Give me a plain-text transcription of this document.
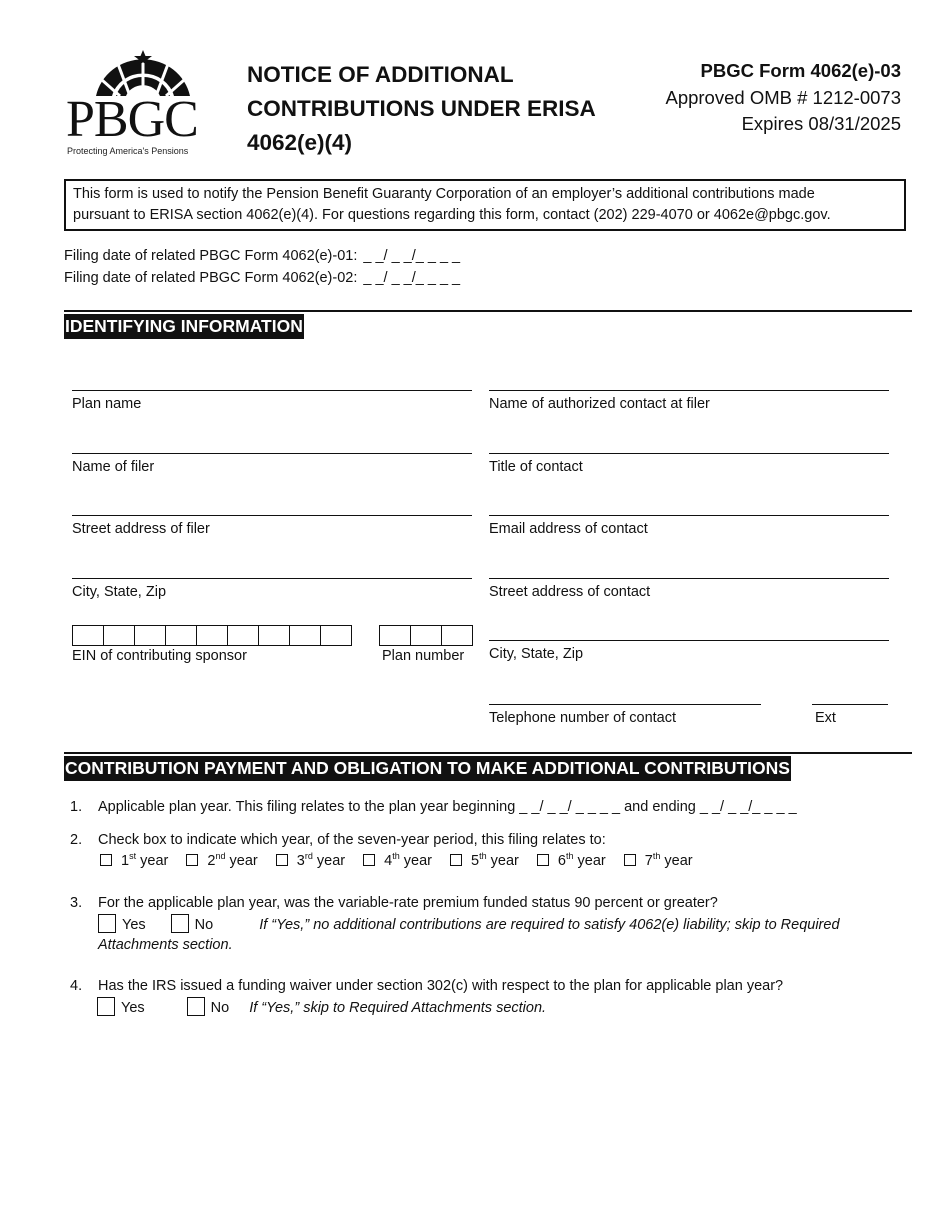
PBGC
Protecting America's Pensions
NOTICE OF ADDITIONAL
CONTRIBUTIONS UNDER ERISA
4062(e)(4)
PBGC Form 4062(e)-03
Approved OMB # 1212-0073
Expires 08/31/2025
This form is used to notify the Pension Benefit Guaranty Corporation of an employer’s additional contributions made
pursuant to ERISA section 4062(e)(4). For questions regarding this form, contact (202) 229-4070 or 4062e@pbgc.gov.
Filing date of related PBGC Form 4062(e)-01: _ _/ _ _/_ _ _ _
Filing date of related PBGC Form 4062(e)-02: _ _/ _ _/_ _ _ _
IDENTIFYING INFORMATION
Plan name
Name of filer
Street address of filer
City, State, Zip
EIN of contributing sponsor	Plan number
Name of authorized contact at filer
Title of contact
Email address of contact
Street address of contact
City, State, Zip
Telephone number of contact	Ext
CONTRIBUTION PAYMENT AND OBLIGATION TO MAKE ADDITIONAL CONTRIBUTIONS
1. Applicable plan year. This filing relates to the plan year beginning _ _/ _ _/ _ _ _ _ and ending _ _/ _ _/_ _ _ _
2. Check box to indicate which year, of the seven-year period, this filing relates to:
1st year	2nd year	3rd year	4th year	5th year	6th year	7th year
3. For the applicable plan year, was the variable-rate premium funded status 90 percent or greater?
Yes	No	If “Yes,” no additional contributions are required to satisfy 4062(e) liability; skip to Required
Attachments section.
4. Has the IRS issued a funding waiver under section 302(c) with respect to the plan for applicable plan year?
Yes	No If “Yes,” skip to Required Attachments section.
